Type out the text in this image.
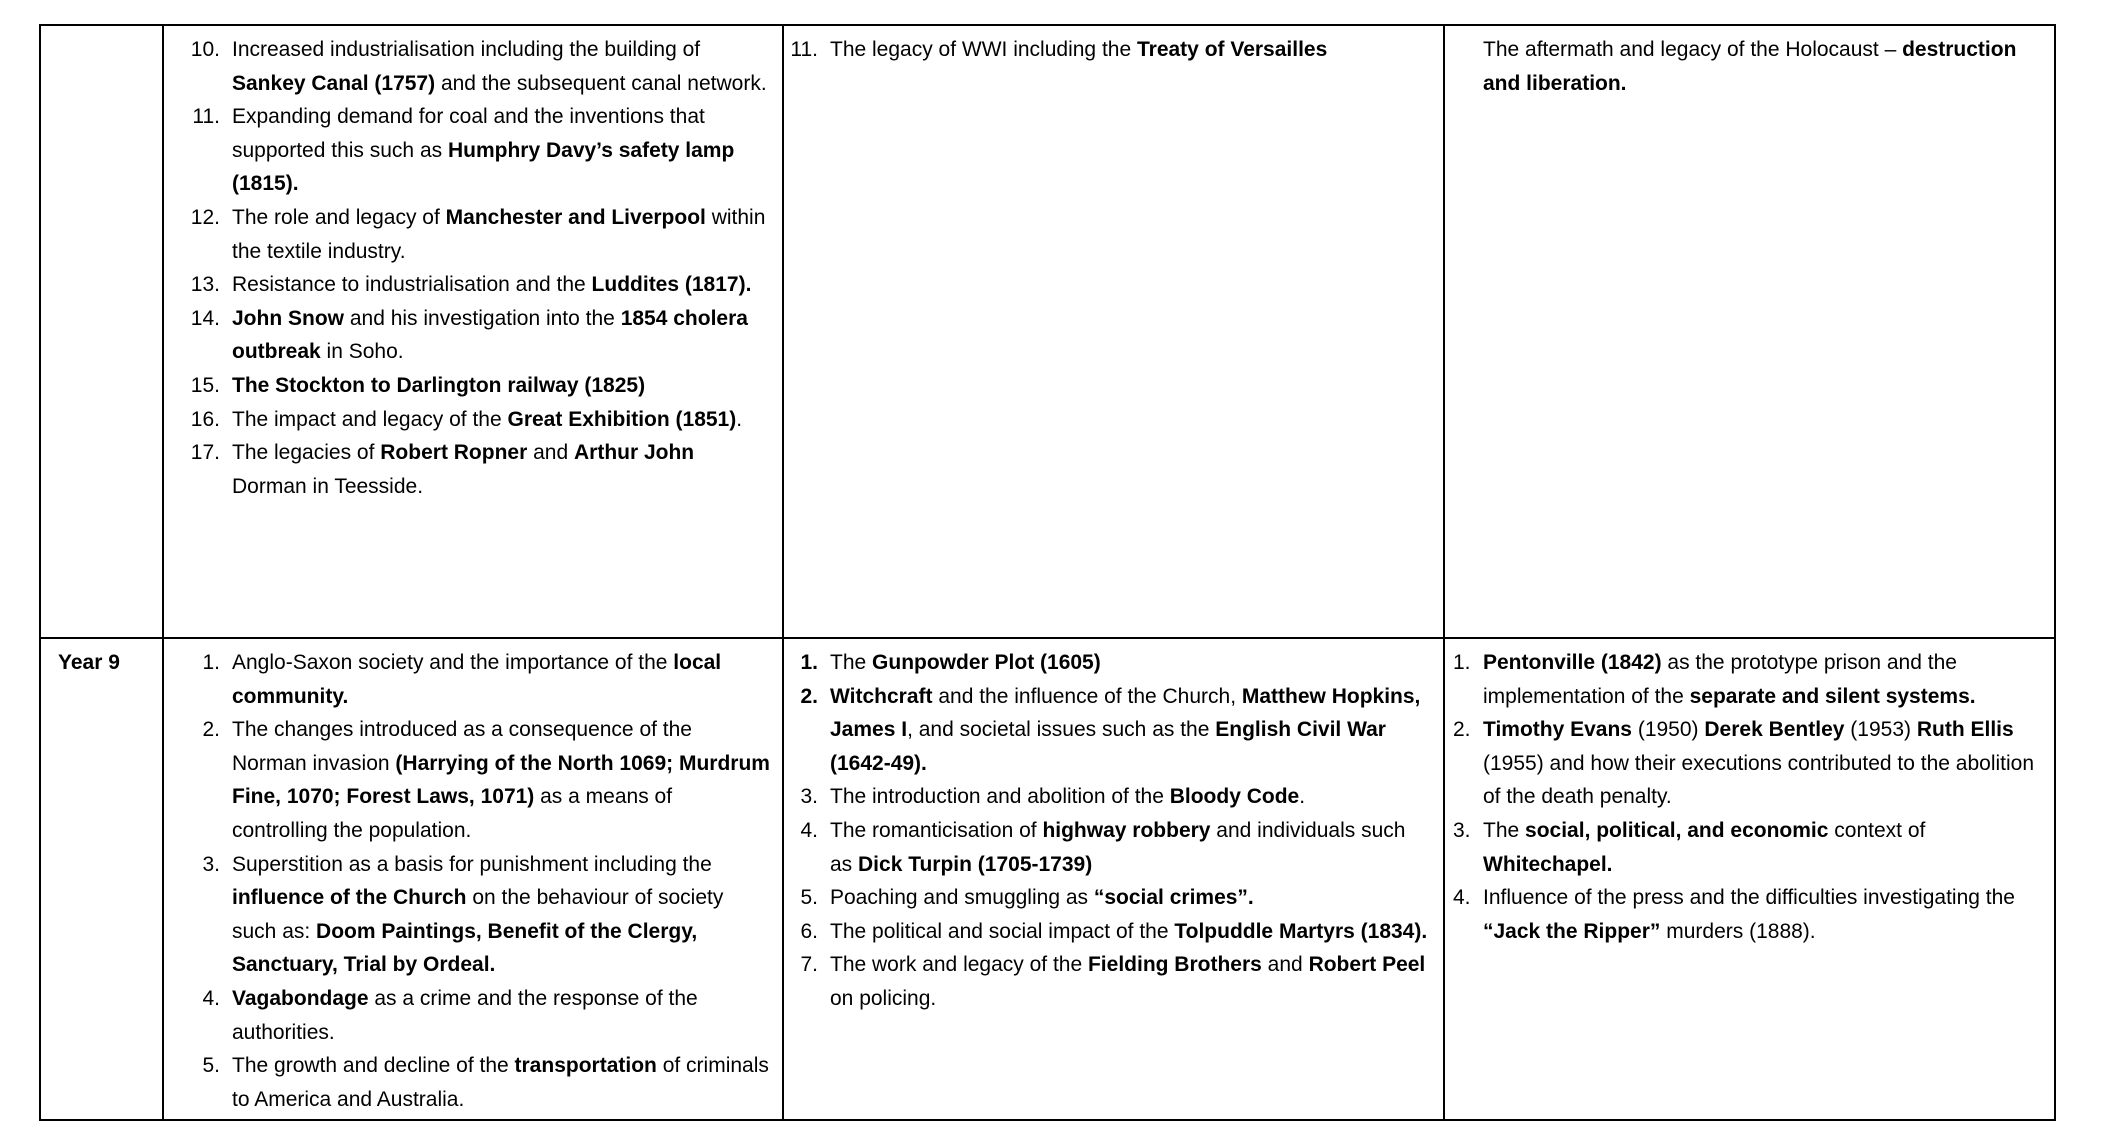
10. Increased industrialisation including the building of Sankey Canal (1757) and the subsequent canal network.
11. Expanding demand for coal and the inventions that supported this such as Humphry Davy’s safety lamp (1815).
12. The role and legacy of Manchester and Liverpool within the textile industry.
13. Resistance to industrialisation and the Luddites (1817).
14. John Snow and his investigation into the 1854 cholera outbreak in Soho.
15. The Stockton to Darlington railway (1825)
16. The impact and legacy of the Great Exhibition (1851).
17. The legacies of Robert Ropner and Arthur John Dorman in Teesside.
11. The legacy of WWI including the Treaty of Versailles	The aftermath and legacy of the Holocaust – destruction and liberation.
Year 9	1. Anglo-Saxon society and the importance of the local community.
2. The changes introduced as a consequence of the Norman invasion (Harrying of the North 1069; Murdrum Fine, 1070; Forest Laws, 1071) as a means of controlling the population.
3. Superstition as a basis for punishment including the influence of the Church on the behaviour of society such as: Doom Paintings, Benefit of the Clergy, Sanctuary, Trial by Ordeal.
4. Vagabondage as a crime and the response of the authorities.
5. The growth and decline of the transportation of criminals to America and Australia.
1. The Gunpowder Plot (1605)
2. Witchcraft and the influence of the Church, Matthew Hopkins, James I, and societal issues such as the English Civil War (1642-49).
3. The introduction and abolition of the Bloody Code.
4. The romanticisation of highway robbery and individuals such as Dick Turpin (1705-1739)
5. Poaching and smuggling as “social crimes”.
6. The political and social impact of the Tolpuddle Martyrs (1834).
7. The work and legacy of the Fielding Brothers and Robert Peel on policing.
1. Pentonville (1842) as the prototype prison and the implementation of the separate and silent systems.
2. Timothy Evans (1950) Derek Bentley (1953) Ruth Ellis (1955) and how their executions contributed to the abolition of the death penalty.
3. The social, political, and economic context of Whitechapel.
4. Influence of the press and the difficulties investigating the “Jack the Ripper” murders (1888).
